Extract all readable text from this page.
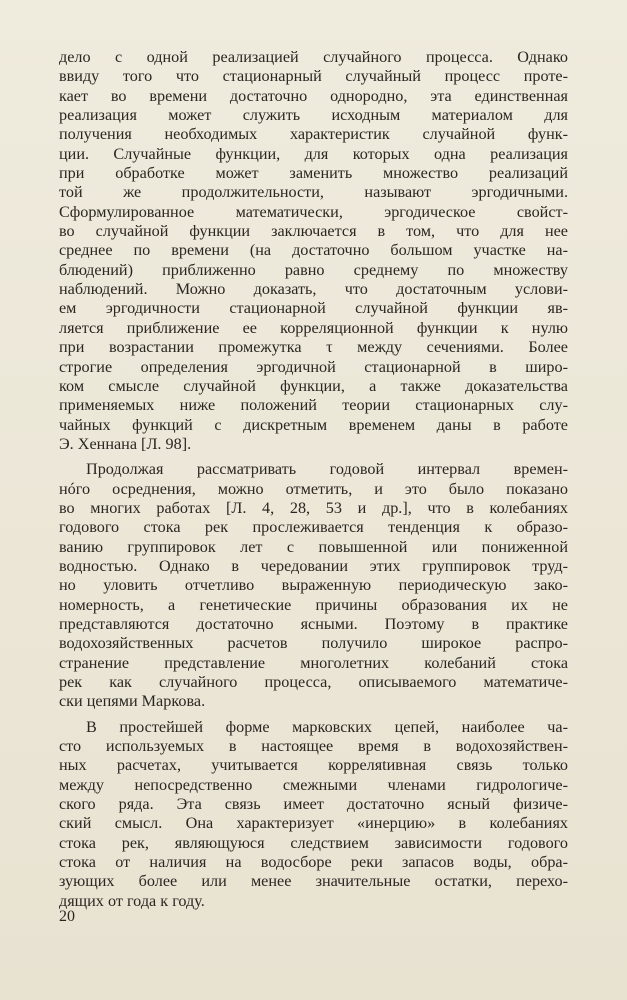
дело с одной реализацией случайного процесса. Однако
ввиду того что стационарный случайный процесс проте-
кает во времени достаточно однородно, эта единственная
реализация может служить исходным материалом для
получения необходимых характеристик случайной функ-
ции. Случайные функции, для которых одна реализация
при обработке может заменить множество реализаций
той же продолжительности, называют эргодичными.
Сформулированное математически, эргодическое свойст-
во случайной функции заключается в том, что для нее
среднее по времени (на достаточно большом участке на-
блюдений) приближенно равно среднему по множеству
наблюдений. Можно доказать, что достаточным услови-
ем эргодичности стационарной случайной функции яв-
ляется приближение ее корреляционной функции к нулю
при возрастании промежутка τ между сечениями. Более
строгие определения эргодичной стационарной в широ-
ком смысле случайной функции, а также доказательства
применяемых ниже положений теории стационарных слу-
чайных функций с дискретным временем даны в работе
Э. Хеннана [Л. 98].
Продолжая рассматривать годовой интервал времен-
нóго осреднения, можно отметить, и это было показано
во многих работах [Л. 4, 28, 53 и др.], что в колебаниях
годового стока рек прослеживается тенденция к образо-
ванию группировок лет с повышенной или пониженной
водностью. Однако в чередовании этих группировок труд-
но уловить отчетливо выраженную периодическую зако-
номерность, а генетические причины образования их не
представляются достаточно ясными. Поэтому в практике
водохозяйственных расчетов получило широкое распро-
странение представление многолетних колебаний стока
рек как случайного процесса, описываемого математиче-
ски цепями Маркова.
В простейшей форме марковских цепей, наиболее ча-
сто используемых в настоящее время в водохозяйствен-
ных расчетах, учитывается корреляtивная связь только
между непосредственно смежными членами гидрологиче-
ского ряда. Эта связь имеет достаточно ясный физиче-
ский смысл. Она характеризует «инерцию» в колебаниях
стока рек, являющуюся следствием зависимости годового
стока от наличия на водосборе реки запасов воды, обра-
зующих более или менее значительные остатки, перехо-
дящих от года к году.
20
